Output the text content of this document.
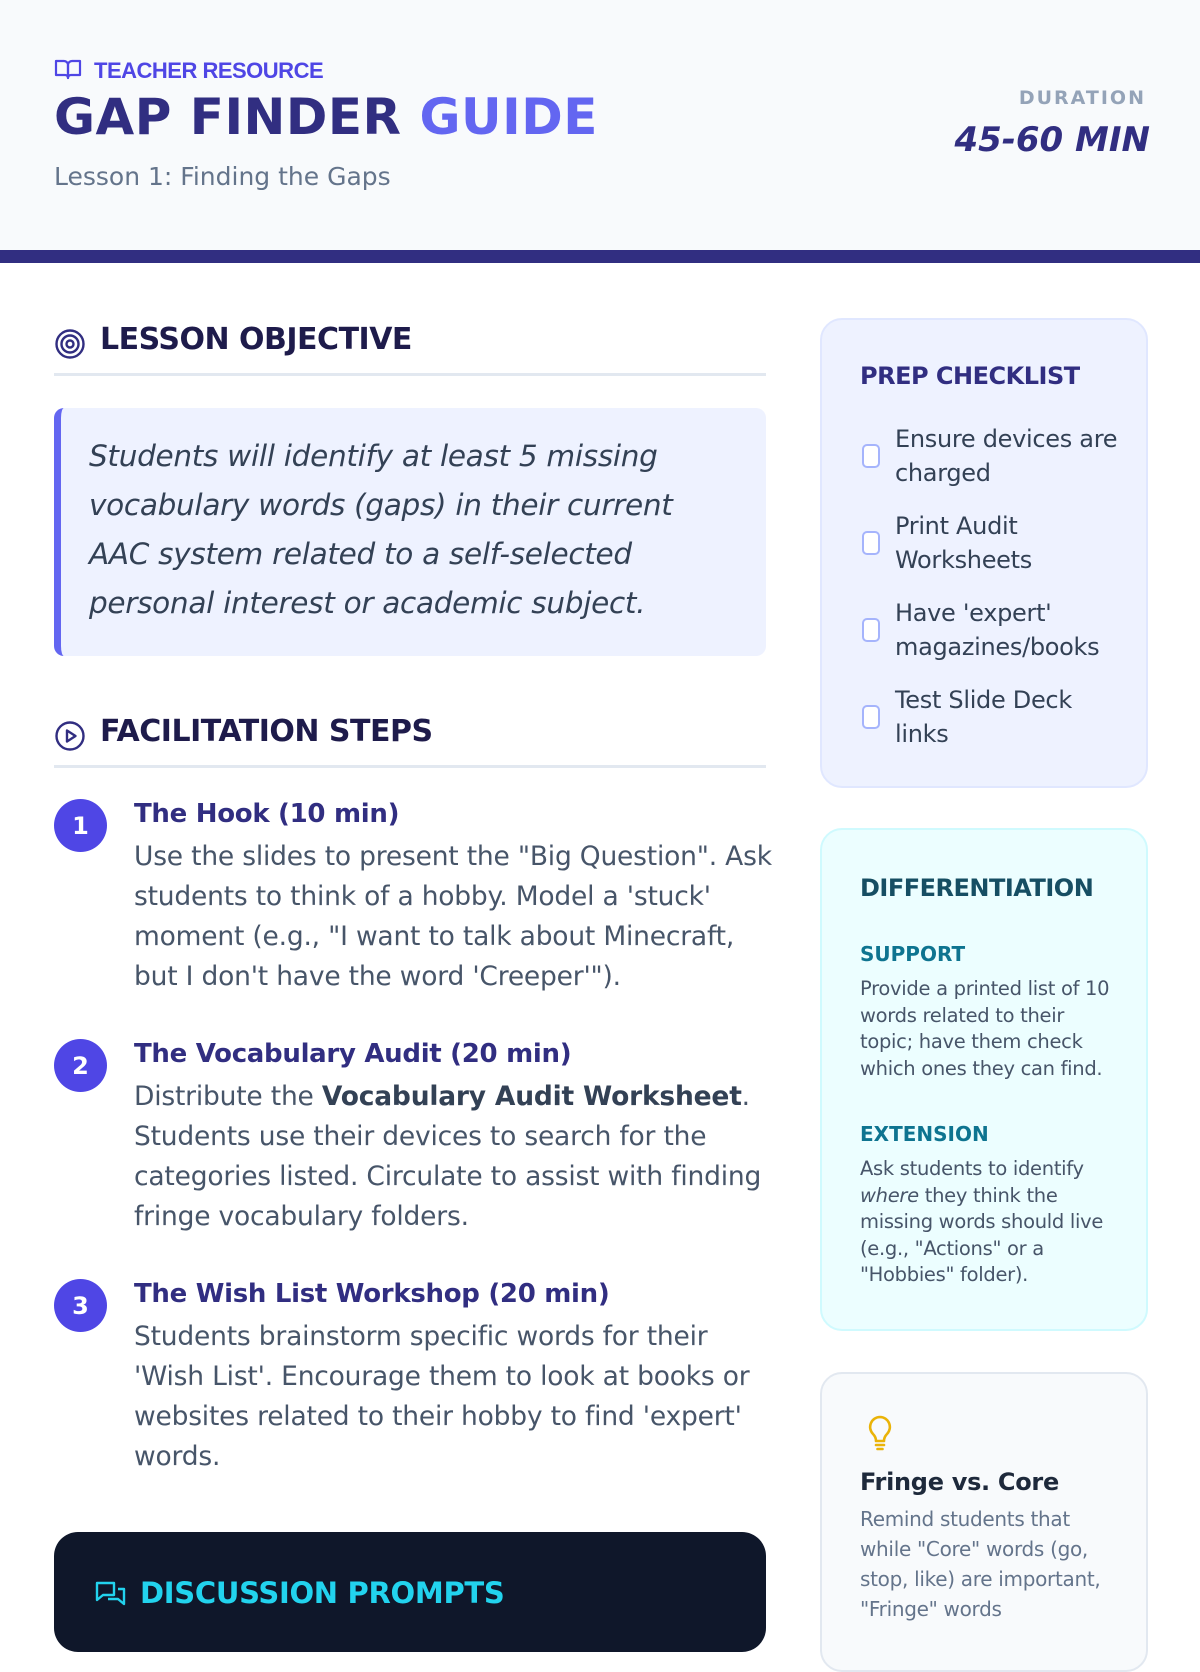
TEACHER RESOURCE
GAP FINDER GUIDE
Lesson 1: Finding the Gaps
DURATION
45-60 MIN
LESSON OBJECTIVE

Students will identify at least 5 missing vocabulary words (gaps) in their current AAC system related to a self-selected personal interest or academic subject.

FACILITATION STEPS
1	The Hook (10 min)
Use the slides to present the "Big Question". Ask students to think of a hobby. Model a 'stuck' moment (e.g., "I want to talk about Minecraft, but I don't have the word 'Creeper'").
2	The Vocabulary Audit (20 min)
Distribute the Vocabulary Audit Worksheet. Students use their devices to search for the categories listed. Circulate to assist with finding fringe vocabulary folders.
3	The Wish List Workshop (20 min)
Students brainstorm specific words for their 'Wish List'. Encourage them to look at books or websites related to their hobby to find 'expert' words.
DISCUSSION PROMPTS
PREP CHECKLIST
Ensure devices are charged
Print Audit Worksheets
Have 'expert' magazines/books
Test Slide Deck links
DIFFERENTIATION
SUPPORT
Provide a printed list of 10 words related to their topic; have them check which ones they can find.
EXTENSION
Ask students to identify where they think the missing words should live (e.g., "Actions" or a "Hobbies" folder).
Fringe vs. Core
Remind students that while "Core" words (go, stop, like) are important, "Fringe" words
